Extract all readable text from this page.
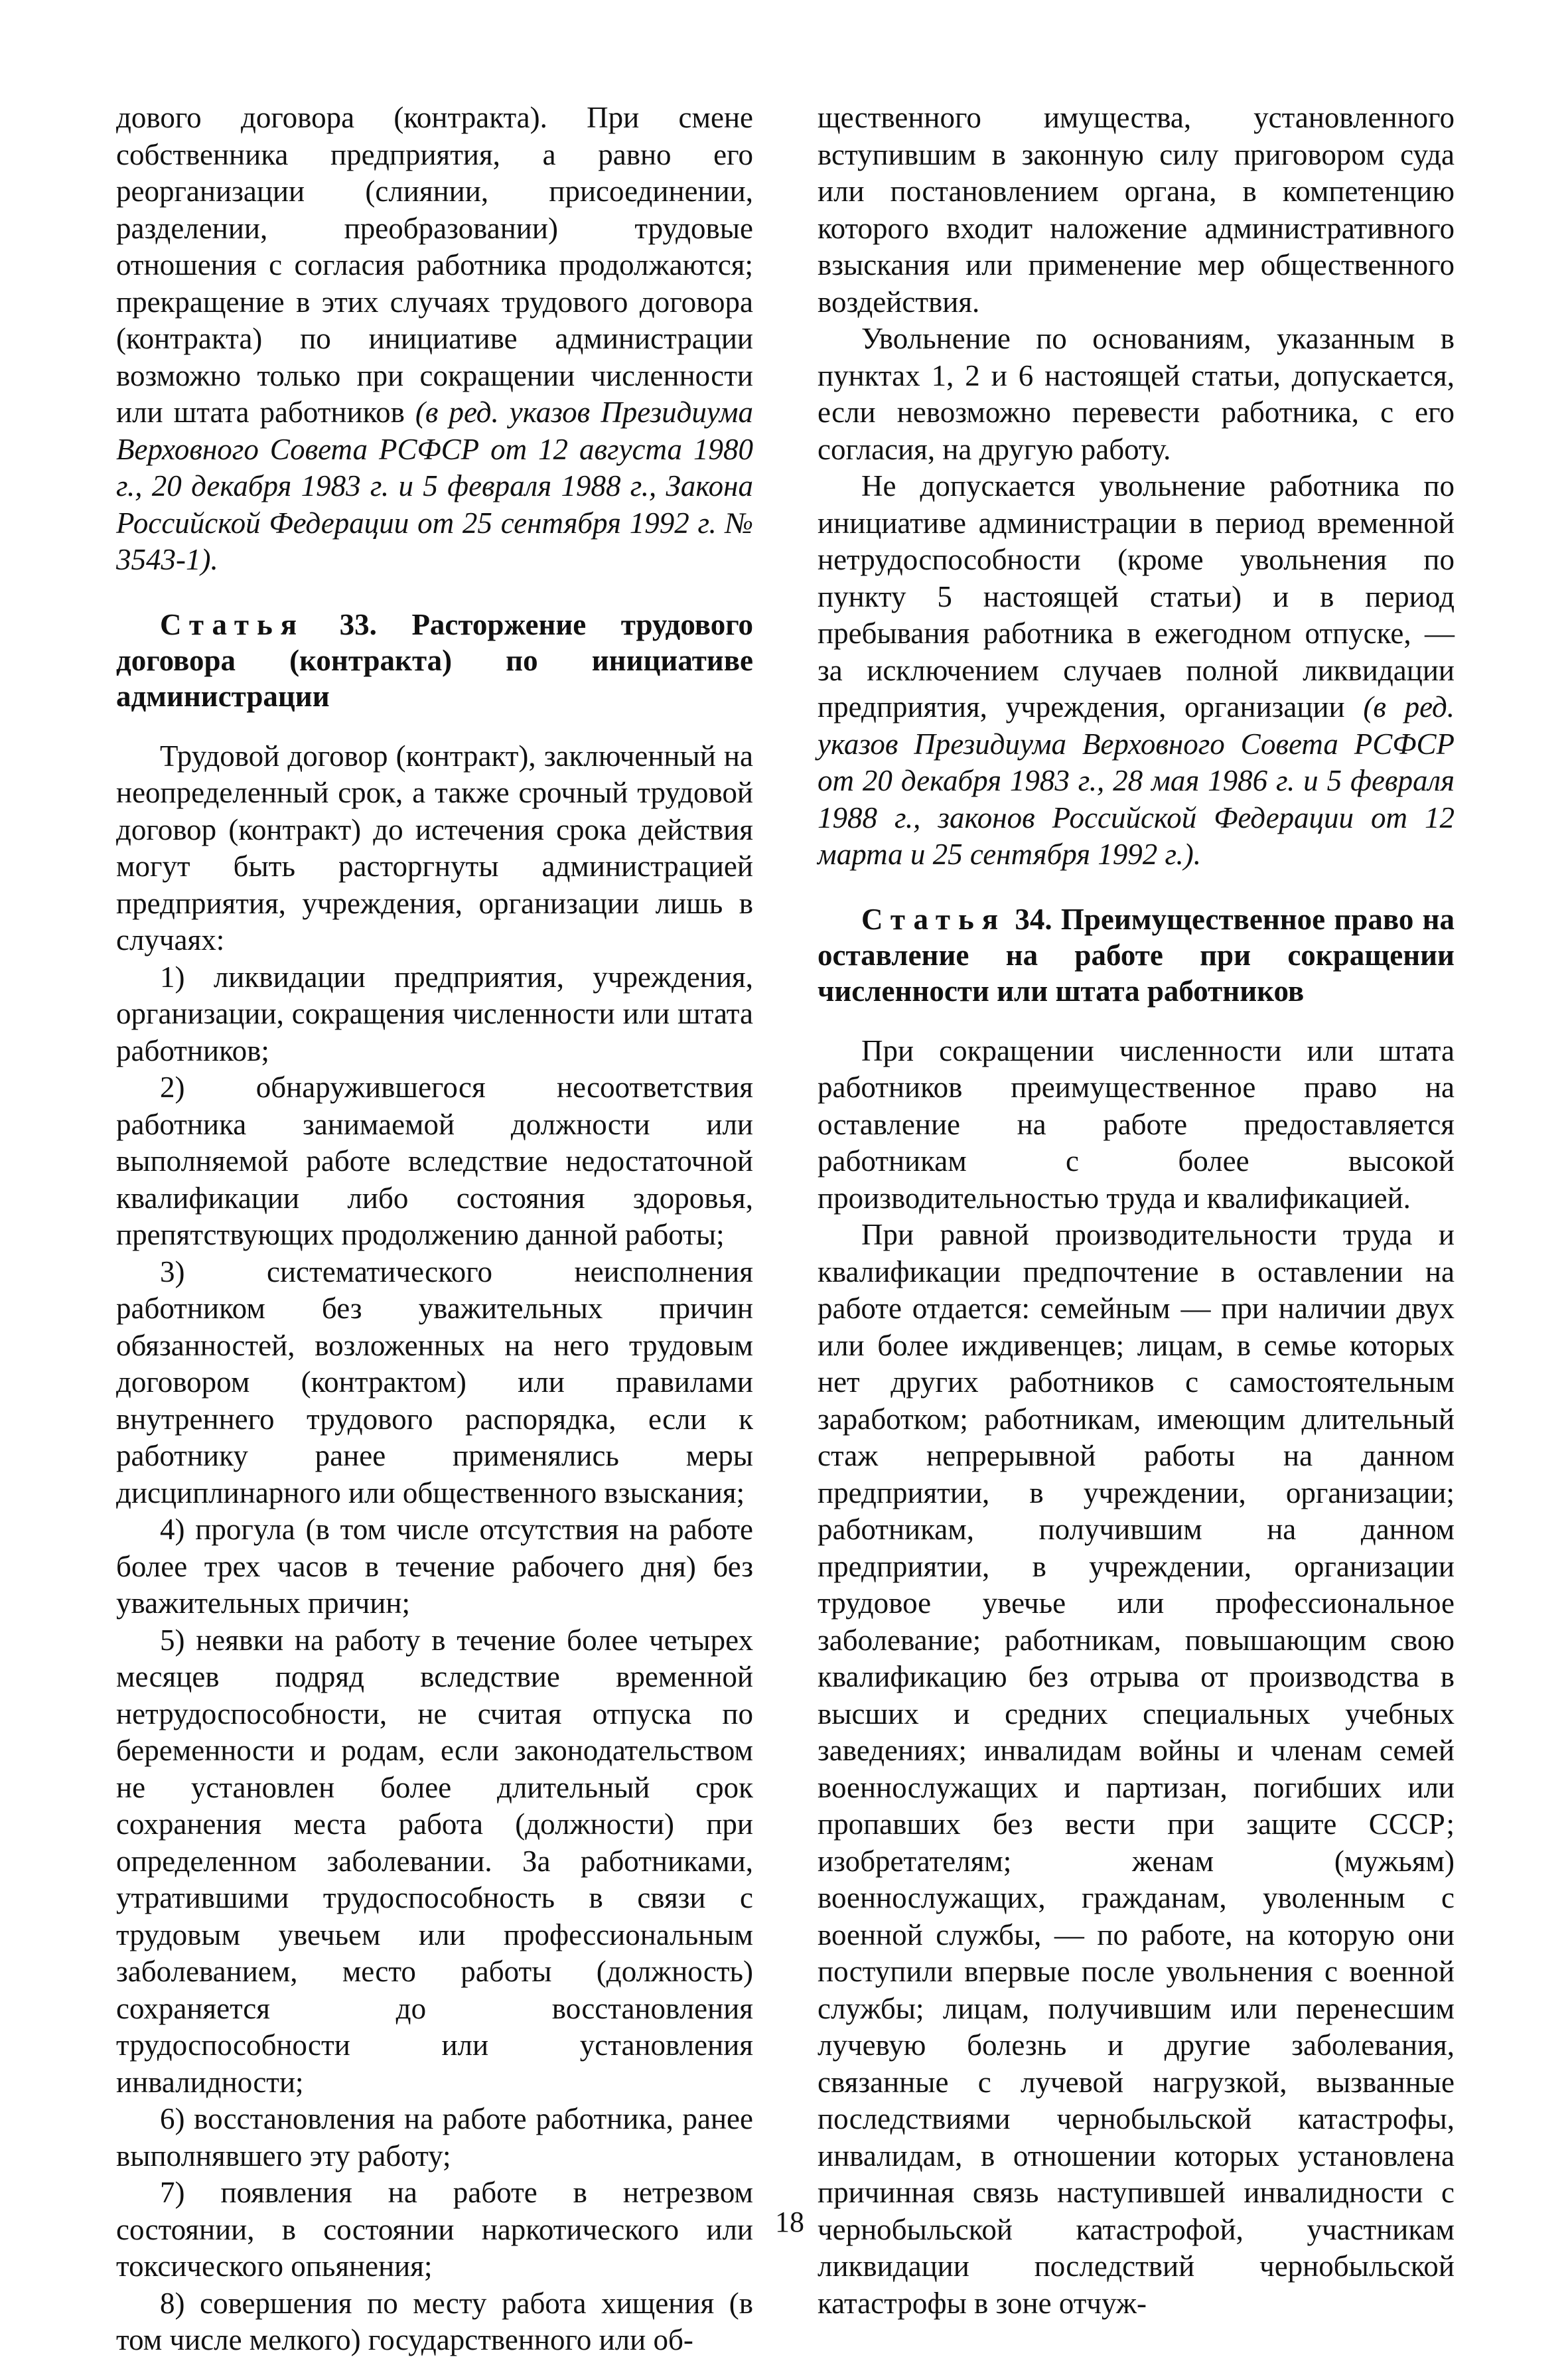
дового договора (контракта). При смене собственника предприятия, а равно его реорганизации (слиянии, присоединении, разделении, преобразовании) трудовые отношения с согласия работника продолжаются; прекращение в этих случаях трудового договора (контракта) по инициативе администрации возможно только при сокращении численности или штата работников (в ред. указов Президиума Верховного Совета РСФСР от 12 августа 1980 г., 20 декабря 1983 г. и 5 февраля 1988 г., Закона Российской Федерации от 25 сентября 1992 г. № 3543-1).

Статья 33. Расторжение трудового договора (контракта) по инициативе администрации

Трудовой договор (контракт), заключенный на неопределенный срок, а также срочный трудовой договор (контракт) до истечения срока действия могут быть расторгнуты администрацией предприятия, учреждения, организации лишь в случаях:

1) ликвидации предприятия, учреждения, организации, сокращения численности или штата работников;

2) обнаружившегося несоответствия работника занимаемой должности или выполняемой работе вследствие недостаточной квалификации либо состояния здоровья, препятствующих продолжению данной работы;

3) систематического неисполнения работником без уважительных причин обязанностей, возложенных на него трудовым договором (контрактом) или правилами внутреннего трудового распорядка, если к работнику ранее применялись меры дисциплинарного или общественного взыскания;

4) прогула (в том числе отсутствия на работе более трех часов в течение рабочего дня) без уважительных причин;

5) неявки на работу в течение более четырех месяцев подряд вследствие временной нетрудоспособности, не считая отпуска по беременности и родам, если законодательством не установлен более длительный срок сохранения места работа (должности) при определенном заболевании. За работниками, утратившими трудоспособность в связи с трудовым увечьем или профессиональным заболеванием, место работы (должность) сохраняется до восстановления трудоспособности или установления инвалидности;

6) восстановления на работе работника, ранее выполнявшего эту работу;

7) появления на работе в нетрезвом состоянии, в состоянии наркотического или токсического опьянения;

8) совершения по месту работа хищения (в том числе мелкого) государственного или об-

щественного имущества, установленного вступившим в законную силу приговором суда или постановлением органа, в компетенцию которого входит наложение административного взыскания или применение мер общественного воздействия.

Увольнение по основаниям, указанным в пунктах 1, 2 и 6 настоящей статьи, допускается, если невозможно перевести работника, с его согласия, на другую работу.

Не допускается увольнение работника по инициативе администрации в период временной нетрудоспособности (кроме увольнения по пункту 5 настоящей статьи) и в период пребывания работника в ежегодном отпуске, — за исключением случаев полной ликвидации предприятия, учреждения, организации (в ред. указов Президиума Верховного Совета РСФСР от 20 декабря 1983 г., 28 мая 1986 г. и 5 февраля 1988 г., законов Российской Федерации от 12 марта и 25 сентября 1992 г.).

Статья 34. Преимущественное право на оставление на работе при сокращении численности или штата работников

При сокращении численности или штата работников преимущественное право на оставление на работе предоставляется работникам с более высокой производительностью труда и квалификацией.

При равной производительности труда и квалификации предпочтение в оставлении на работе отдается: семейным — при наличии двух или более иждивенцев; лицам, в семье которых нет других работников с самостоятельным заработком; работникам, имеющим длительный стаж непрерывной работы на данном предприятии, в учреждении, организации; работникам, получившим на данном предприятии, в учреждении, организации трудовое увечье или профессиональное заболевание; работникам, повышающим свою квалификацию без отрыва от производства в высших и средних специальных учебных заведениях; инвалидам войны и членам семей военнослужащих и партизан, погибших или пропавших без вести при защите СССР; изобретателям; женам (мужьям) военнослужащих, гражданам, уволенным с военной службы, — по работе, на которую они поступили впервые после увольнения с военной службы; лицам, получившим или перенесшим лучевую болезнь и другие заболевания, связанные с лучевой нагрузкой, вызванные последствиями чернобыльской катастрофы, инвалидам, в отношении которых установлена причинная связь наступившей инвалидности с чернобыльской катастрофой, участникам ликвидации последствий чернобыльской катастрофы в зоне отчуж-

18
